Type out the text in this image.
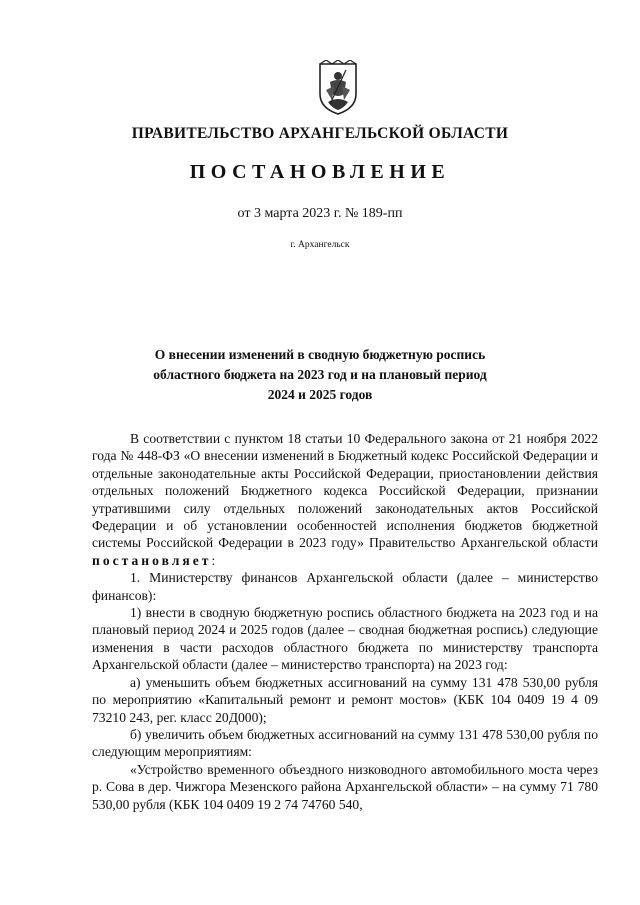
ПРАВИТЕЛЬСТВО АРХАНГЕЛЬСКОЙ ОБЛАСТИ
ПОСТАНОВЛЕНИЕ
от 3 марта 2023 г. № 189-пп
г. Архангельск
О внесении изменений в сводную бюджетную роспись
областного бюджета на 2023 год и на плановый период
2024 и 2025 годов

В соответствии с пунктом 18 статьи 10 Федерального закона от 21 ноября 2022 года № 448-ФЗ «О внесении изменений в Бюджетный кодекс Российской Федерации и отдельные законодательные акты Российской Федерации, приостановлении действия отдельных положений Бюджетного кодекса Российской Федерации, признании утратившими силу отдельных положений законодательных актов Российской Федерации и об установлении особенностей исполнения бюджетов бюджетной системы Российской Федерации в 2023 году» Правительство Архангельской области постановляет:

1. Министерству финансов Архангельской области (далее – министерство финансов):

1) внести в сводную бюджетную роспись областного бюджета на 2023 год и на плановый период 2024 и 2025 годов (далее – сводная бюджетная роспись) следующие изменения в части расходов областного бюджета по министерству транспорта Архангельской области (далее – министерство транспорта) на 2023 год:

а) уменьшить объем бюджетных ассигнований на сумму 131 478 530,00 рубля по мероприятию «Капитальный ремонт и ремонт мостов» (КБК 104 0409 19 4 09 73210 243, рег. класс 20Д000);

б) увеличить объем бюджетных ассигнований на сумму 131 478 530,00 рубля по следующим мероприятиям:

«Устройство временного объездного низководного автомобильного моста через р. Сова в дер. Чижгора Мезенского района Архангельской области» – на сумму 71 780 530,00 рубля (КБК 104 0409 19 2 74 74760 540,
